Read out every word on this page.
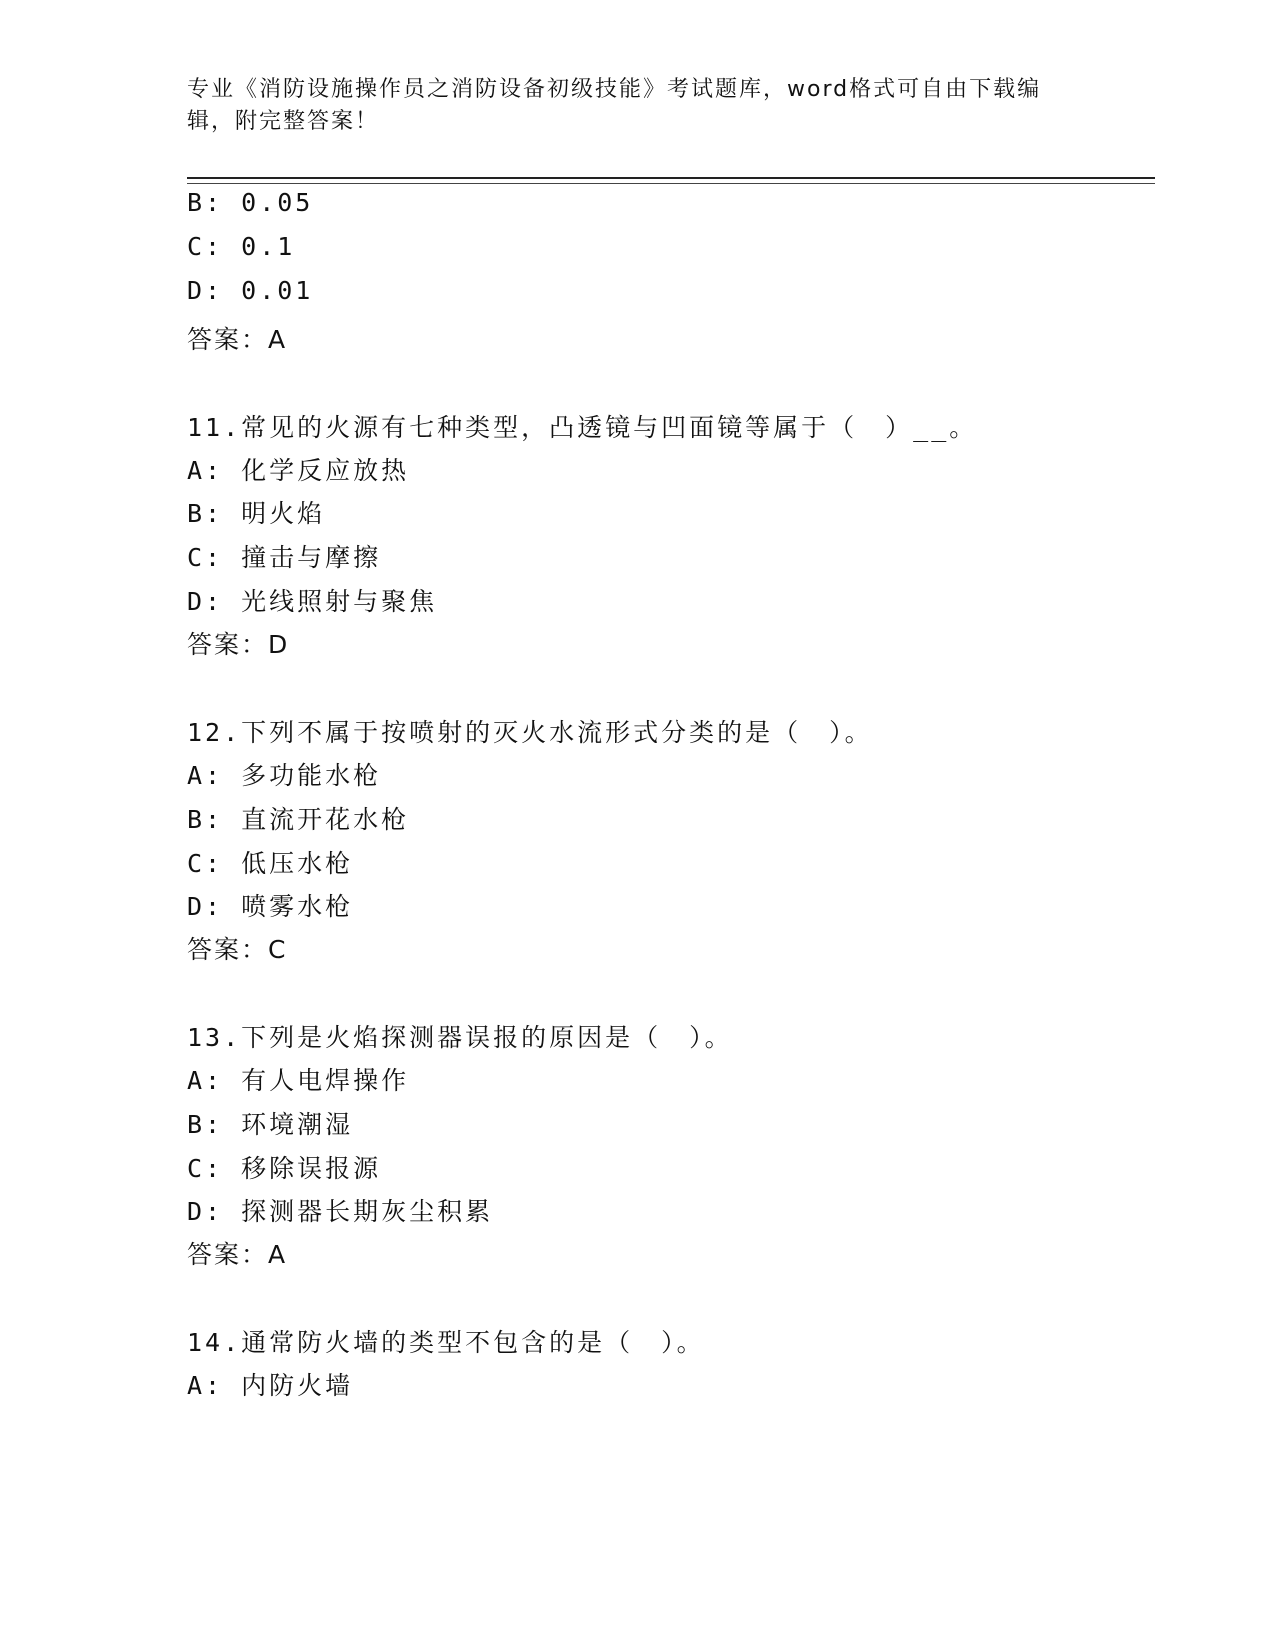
专业《消防设施操作员之消防设备初级技能》考试题库，word格式可自由下载编
辑，附完整答案！
B: 0.05
C: 0.1
D: 0.01
答案：A
11.常见的火源有七种类型，凸透镜与凹面镜等属于（　）__。
A: 化学反应放热
B: 明火焰
C: 撞击与摩擦
D: 光线照射与聚焦
答案：D
12.下列不属于按喷射的灭火水流形式分类的是（　）。
A: 多功能水枪
B: 直流开花水枪
C: 低压水枪
D: 喷雾水枪
答案：C
13.下列是火焰探测器误报的原因是（　）。
A: 有人电焊操作
B: 环境潮湿
C: 移除误报源
D: 探测器长期灰尘积累
答案：A
14.通常防火墙的类型不包含的是（　）。
A: 内防火墙
